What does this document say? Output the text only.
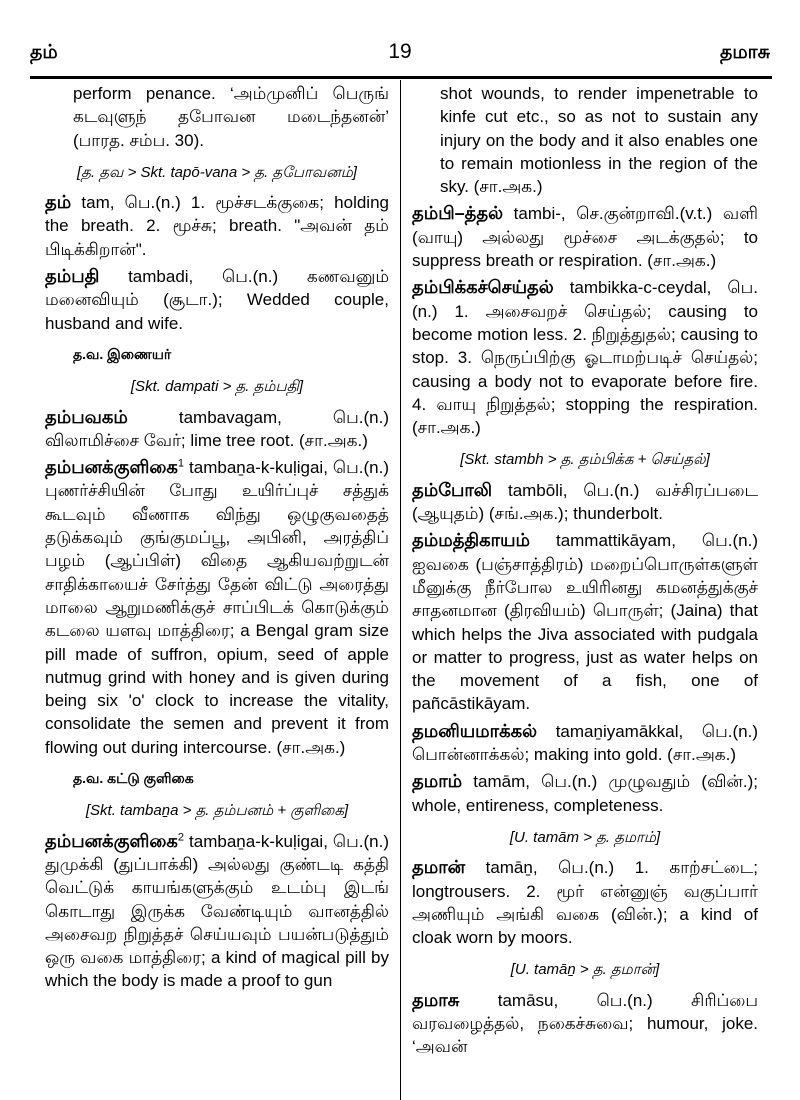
தம்	19	தமாசு

perform penance. ‘அம்முனிப் பெருங் கடவுளுந் தபோவன மடைந்தனன்’ (பாரத. சம்ப. 30).

[த. தவ > Skt. tapō-vana > த. தபோவனம்]

தம் tam, பெ.(n.) 1. மூச்சடக்குகை; holding the breath. 2. மூச்சு; breath. "அவன் தம் பிடிக்கிறான்".

தம்பதி tambadi, பெ.(n.) கணவனும் மனைவியும் (சூடா.); Wedded couple, husband and wife.

த.வ. இணையர்
[Skt. dampati > த. தம்பதி]

தம்பவகம் tambavagam, பெ.(n.) விலாமிச்சை வேர்; lime tree root. (சா.அக.)

தம்பனக்குளிகை$^1$ tambaṉa-k-kuḷigai, பெ.(n.) புணர்ச்சியின் போது உயிர்ப்புச் சத்துக் கூடவும் வீணாக விந்து ஒழுகுவதைத் தடுக்கவும் குங்குமப்பூ, அபினி, அரத்திப் பழம் (ஆப்பிள்) விதை ஆகியவற்றுடன் சாதிக்காயைச் சேர்த்து தேன் விட்டு அரைத்து மாலை ஆறுமணிக்குச் சாப்பிடக் கொடுக்கும் கடலை யளவு மாத்திரை; a Bengal gram size pill made of suffron, opium, seed of apple nutmug grind with honey and is given during being six 'o' clock to increase the vitality, consolidate the semen and prevent it from flowing out during intercourse. (சா.அக.)

த.வ. கட்டு குளிகை
[Skt. tambaṉa > த. தம்பனம் + குளிகை]

தம்பனக்குளிகை$^2$ tambaṉa-k-kuḷigai, பெ.(n.) துமுக்கி (துப்பாக்கி) அல்லது குண்டடி கத்தி வெட்டுக் காயங்களுக்கும் உடம்பு இடங் கொடாது இருக்க வேண்டியும் வானத்தில் அசைவற நிறுத்தச் செய்யவும் பயன்படுத்தும் ஒரு வகை மாத்திரை; a kind of magical pill by which the body is made a proof to gun

shot wounds, to render impenetrable to kinfe cut etc., so as not to sustain any injury on the body and it also enables one to remain motionless in the region of the sky. (சா.அக.)

தம்பி–த்தல் tambi-, செ.குன்றாவி.(v.t.) வளி (வாயு) அல்லது மூச்சை அடக்குதல்; to suppress breath or respiration. (சா.அக.)

தம்பிக்கச்செய்தல் tambikka-c-ceydal, பெ.(n.) 1. அசைவறச் செய்தல்; causing to become motion less. 2. நிறுத்துதல்; causing to stop. 3. நெருப்பிற்கு ஓடாமற்படிச் செய்தல்; causing a body not to evaporate before fire. 4. வாயு நிறுத்தல்; stopping the respiration. (சா.அக.)

[Skt. stambh > த. தம்பிக்க + செய்தல்]

தம்போலி tambōli, பெ.(n.) வச்சிரப்படை (ஆயுதம்) (சங்.அக.); thunderbolt.

தம்மத்திகாயம் tammattikāyam, பெ.(n.) ஐவகை (பஞ்சாத்திரம்) மறைப்பொருள்களுள் மீனுக்கு நீர்போல உயிரினது கமனத்துக்குச் சாதனமான (திரவியம்) பொருள்; (Jaina) that which helps the Jiva associated with pudgala or matter to progress, just as water helps on the movement of a fish, one of pañcāstikāyam.

தமனியமாக்கல் tamaṉiyamākkal, பெ.(n.) பொன்னாக்கல்; making into gold. (சா.அக.)

தமாம் tamām, பெ.(n.) முழுவதும் (வின்.); whole, entireness, completeness.

[U. tamām > த. தமாம்]

தமான் tamāṉ, பெ.(n.) 1. காற்சட்டை; longtrousers. 2. மூர் என்னுஞ் வகுப்பார் அணியும் அங்கி வகை (வின்.); a kind of cloak worn by moors.

[U. tamāṉ > த. தமான்]

தமாசு tamāsu, பெ.(n.) சிரிப்பை வரவழைத்தல், நகைச்சுவை; humour, joke. ‘அவன்
